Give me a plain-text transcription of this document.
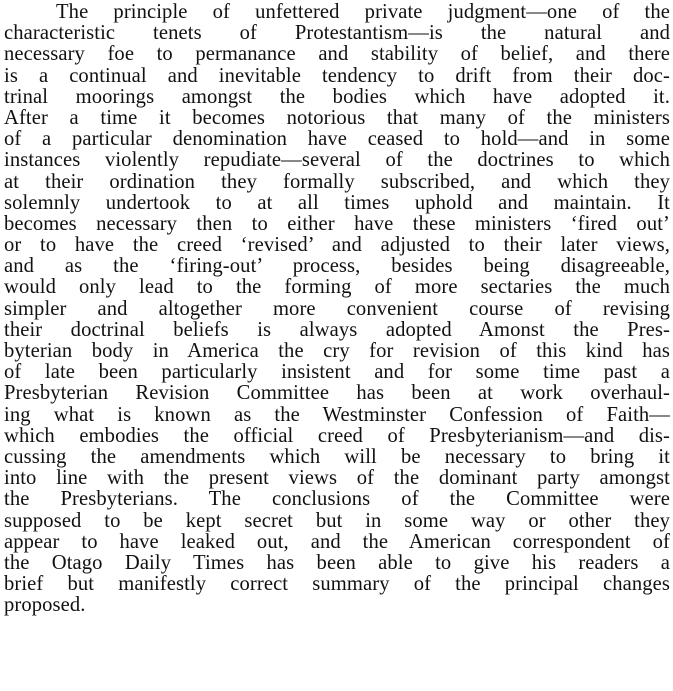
The principle of unfettered private judgment—one of the
characteristic tenets of Protestantism—is the natural and
necessary foe to permanance and stability of belief, and there
is a continual and inevitable tendency to drift from their doc-
trinal moorings amongst the bodies which have adopted it.
After a time it becomes notorious that many of the ministers
of a particular denomination have ceased to hold—and in some
instances violently repudiate—several of the doctrines to which
at their ordination they formally subscribed, and which they
solemnly undertook to at all times uphold and maintain. It
becomes necessary then to either have these ministers ‘fired out’
or to have the creed ‘revised’ and adjusted to their later views,
and as the ‘firing-out’ process, besides being disagreeable,
would only lead to the forming of more sectaries the much
simpler and altogether more convenient course of revising
their doctrinal beliefs is always adopted Amonst the Pres-
byterian body in America the cry for revision of this kind has
of late been particularly insistent and for some time past a
Presbyterian Revision Committee has been at work overhaul-
ing what is known as the Westminster Confession of Faith—
which embodies the official creed of Presbyterianism—and dis-
cussing the amendments which will be necessary to bring it
into line with the present views of the dominant party amongst
the Presbyterians. The conclusions of the Committee were
supposed to be kept secret but in some way or other they
appear to have leaked out, and the American correspondent of
the Otago Daily Times has been able to give his readers a
brief but manifestly correct summary of the principal changes
proposed.
